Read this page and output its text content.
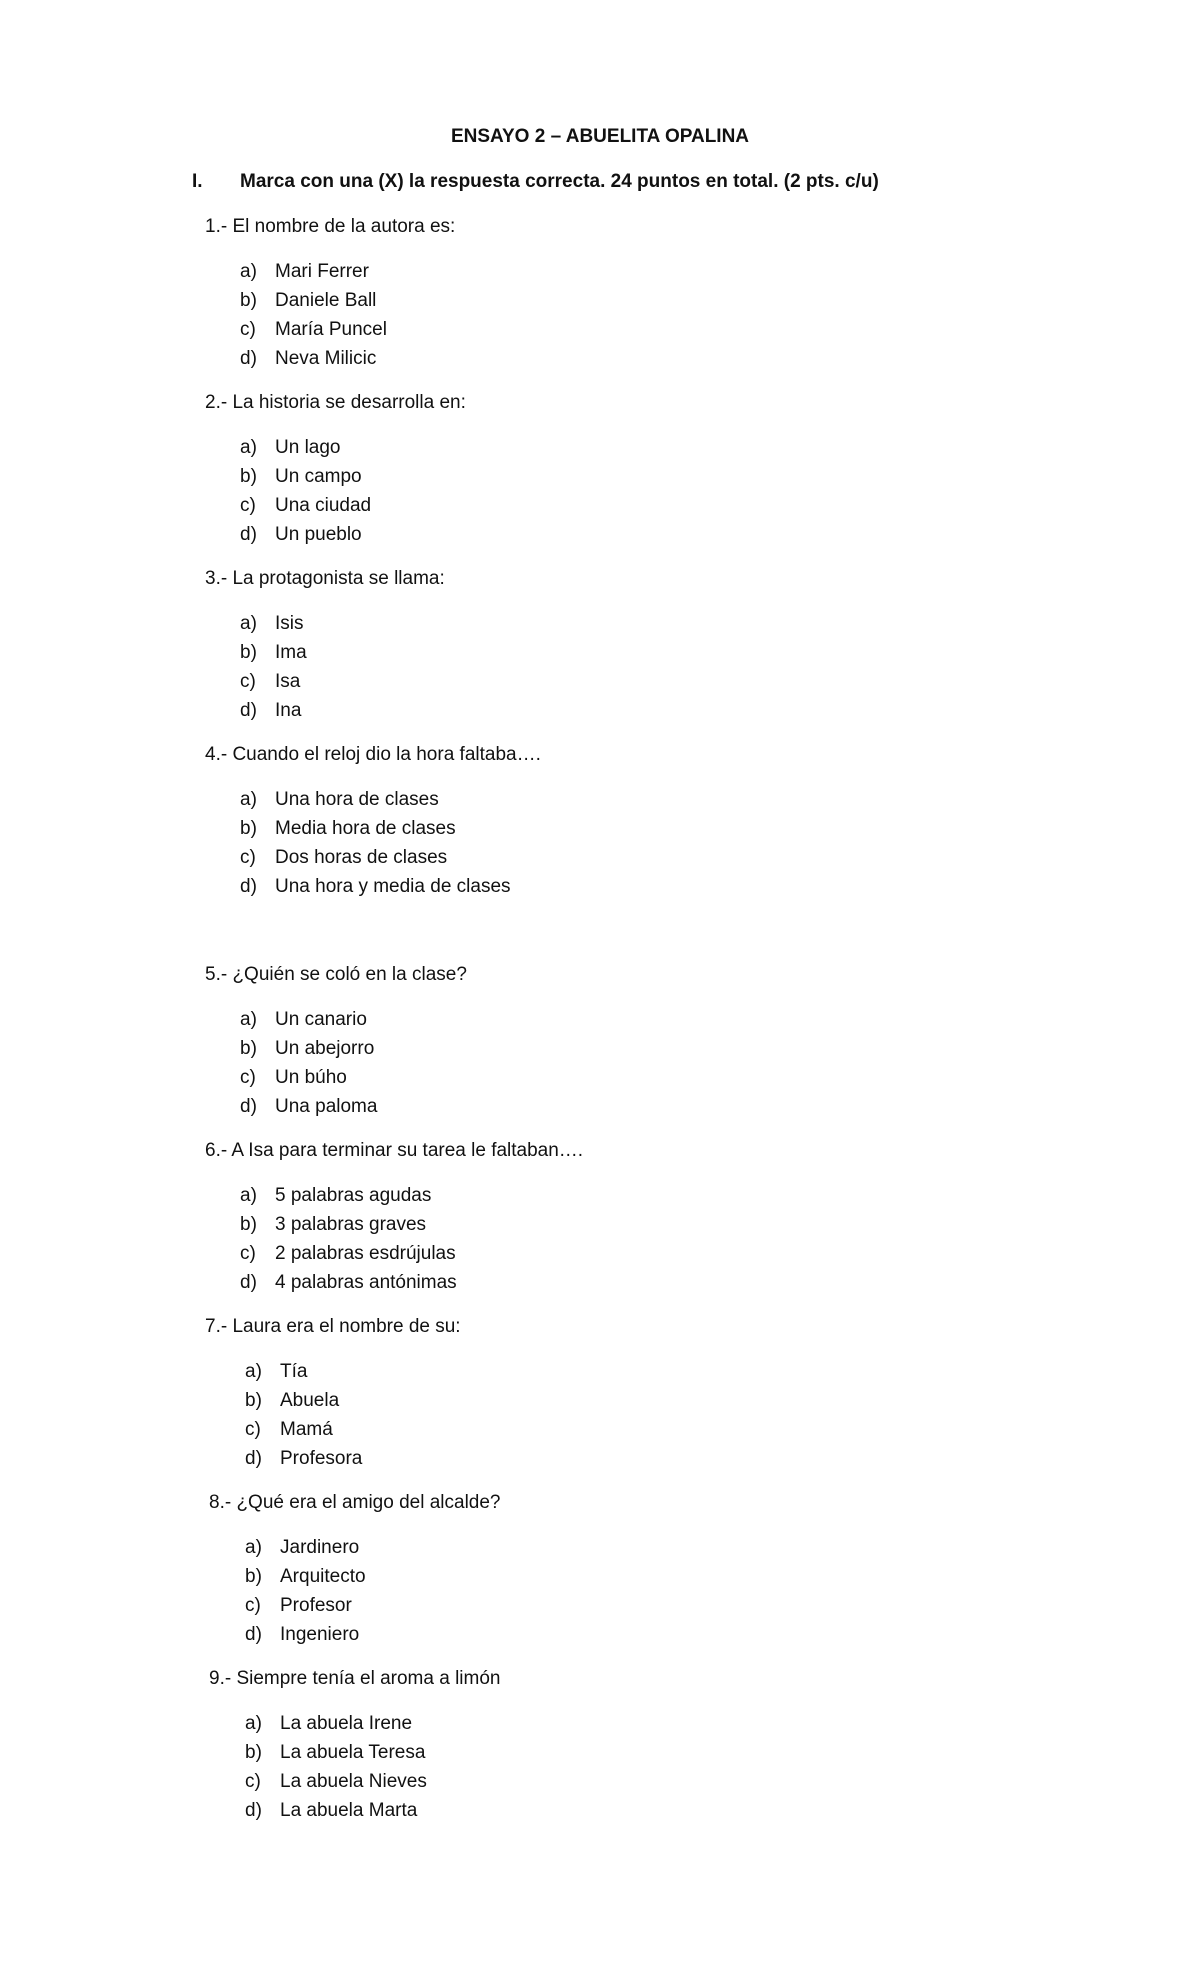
ENSAYO 2 – ABUELITA OPALINA
I. Marca con una (X) la respuesta correcta. 24 puntos en total. (2 pts. c/u)
1.- El nombre de la autora es:
a) Mari Ferrer
b) Daniele Ball
c) María Puncel
d) Neva Milicic
2.- La historia se desarrolla en:
a) Un lago
b) Un campo
c) Una ciudad
d) Un pueblo
3.- La protagonista se llama:
a) Isis
b) Ima
c) Isa
d) Ina
4.- Cuando el reloj dio la hora faltaba….
a) Una hora de clases
b) Media hora de clases
c) Dos horas de clases
d) Una hora y media de clases
5.- ¿Quién se coló en la clase?
a) Un canario
b) Un abejorro
c) Un búho
d) Una paloma
6.- A Isa para terminar su tarea le faltaban….
a) 5 palabras agudas
b) 3 palabras graves
c) 2 palabras esdrújulas
d) 4 palabras antónimas
7.- Laura era el nombre de su:
a) Tía
b) Abuela
c) Mamá
d) Profesora
8.- ¿Qué era el amigo del alcalde?
a) Jardinero
b) Arquitecto
c) Profesor
d) Ingeniero
9.- Siempre tenía el aroma a limón
a) La abuela Irene
b) La abuela Teresa
c) La abuela Nieves
d) La abuela Marta
